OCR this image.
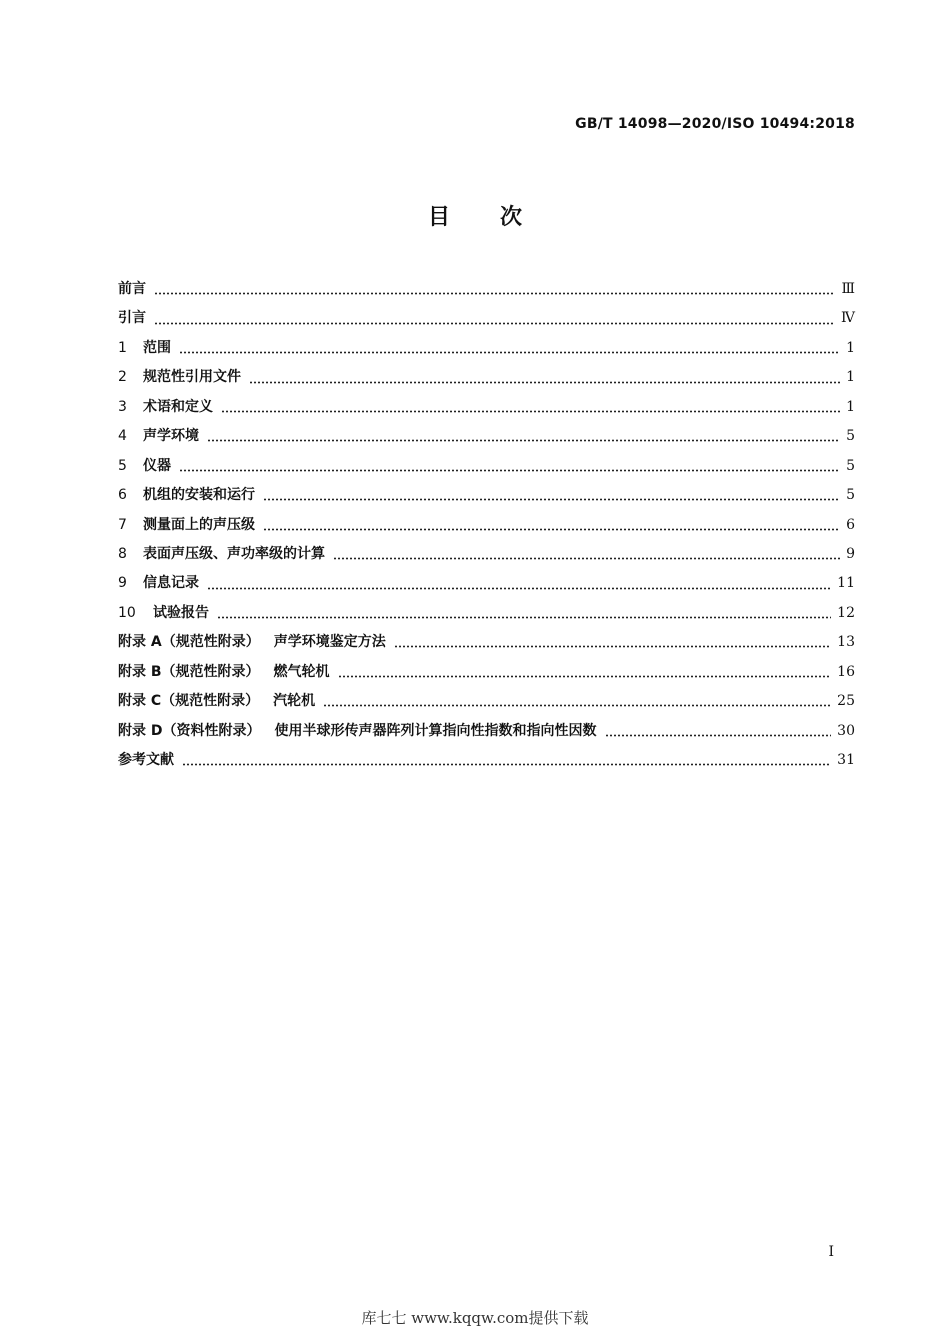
GB/T 14098—2020/ISO 10494:2018
目次
前言	Ⅲ
引言	Ⅳ
1	范围	1
2	规范性引用文件	1
3	术语和定义	1
4	声学环境	5
5	仪器	5
6	机组的安装和运行	5
7	测量面上的声压级	6
8	表面声压级、声功率级的计算	9
9	信息记录	11
10	试验报告	12
附录 A（规范性附录） 声学环境鉴定方法	13
附录 B（规范性附录） 燃气轮机	16
附录 C（规范性附录） 汽轮机	25
附录 D（资料性附录） 使用半球形传声器阵列计算指向性指数和指向性因数	30
参考文献	31
I
库七七 www.kqqw.com提供下载
